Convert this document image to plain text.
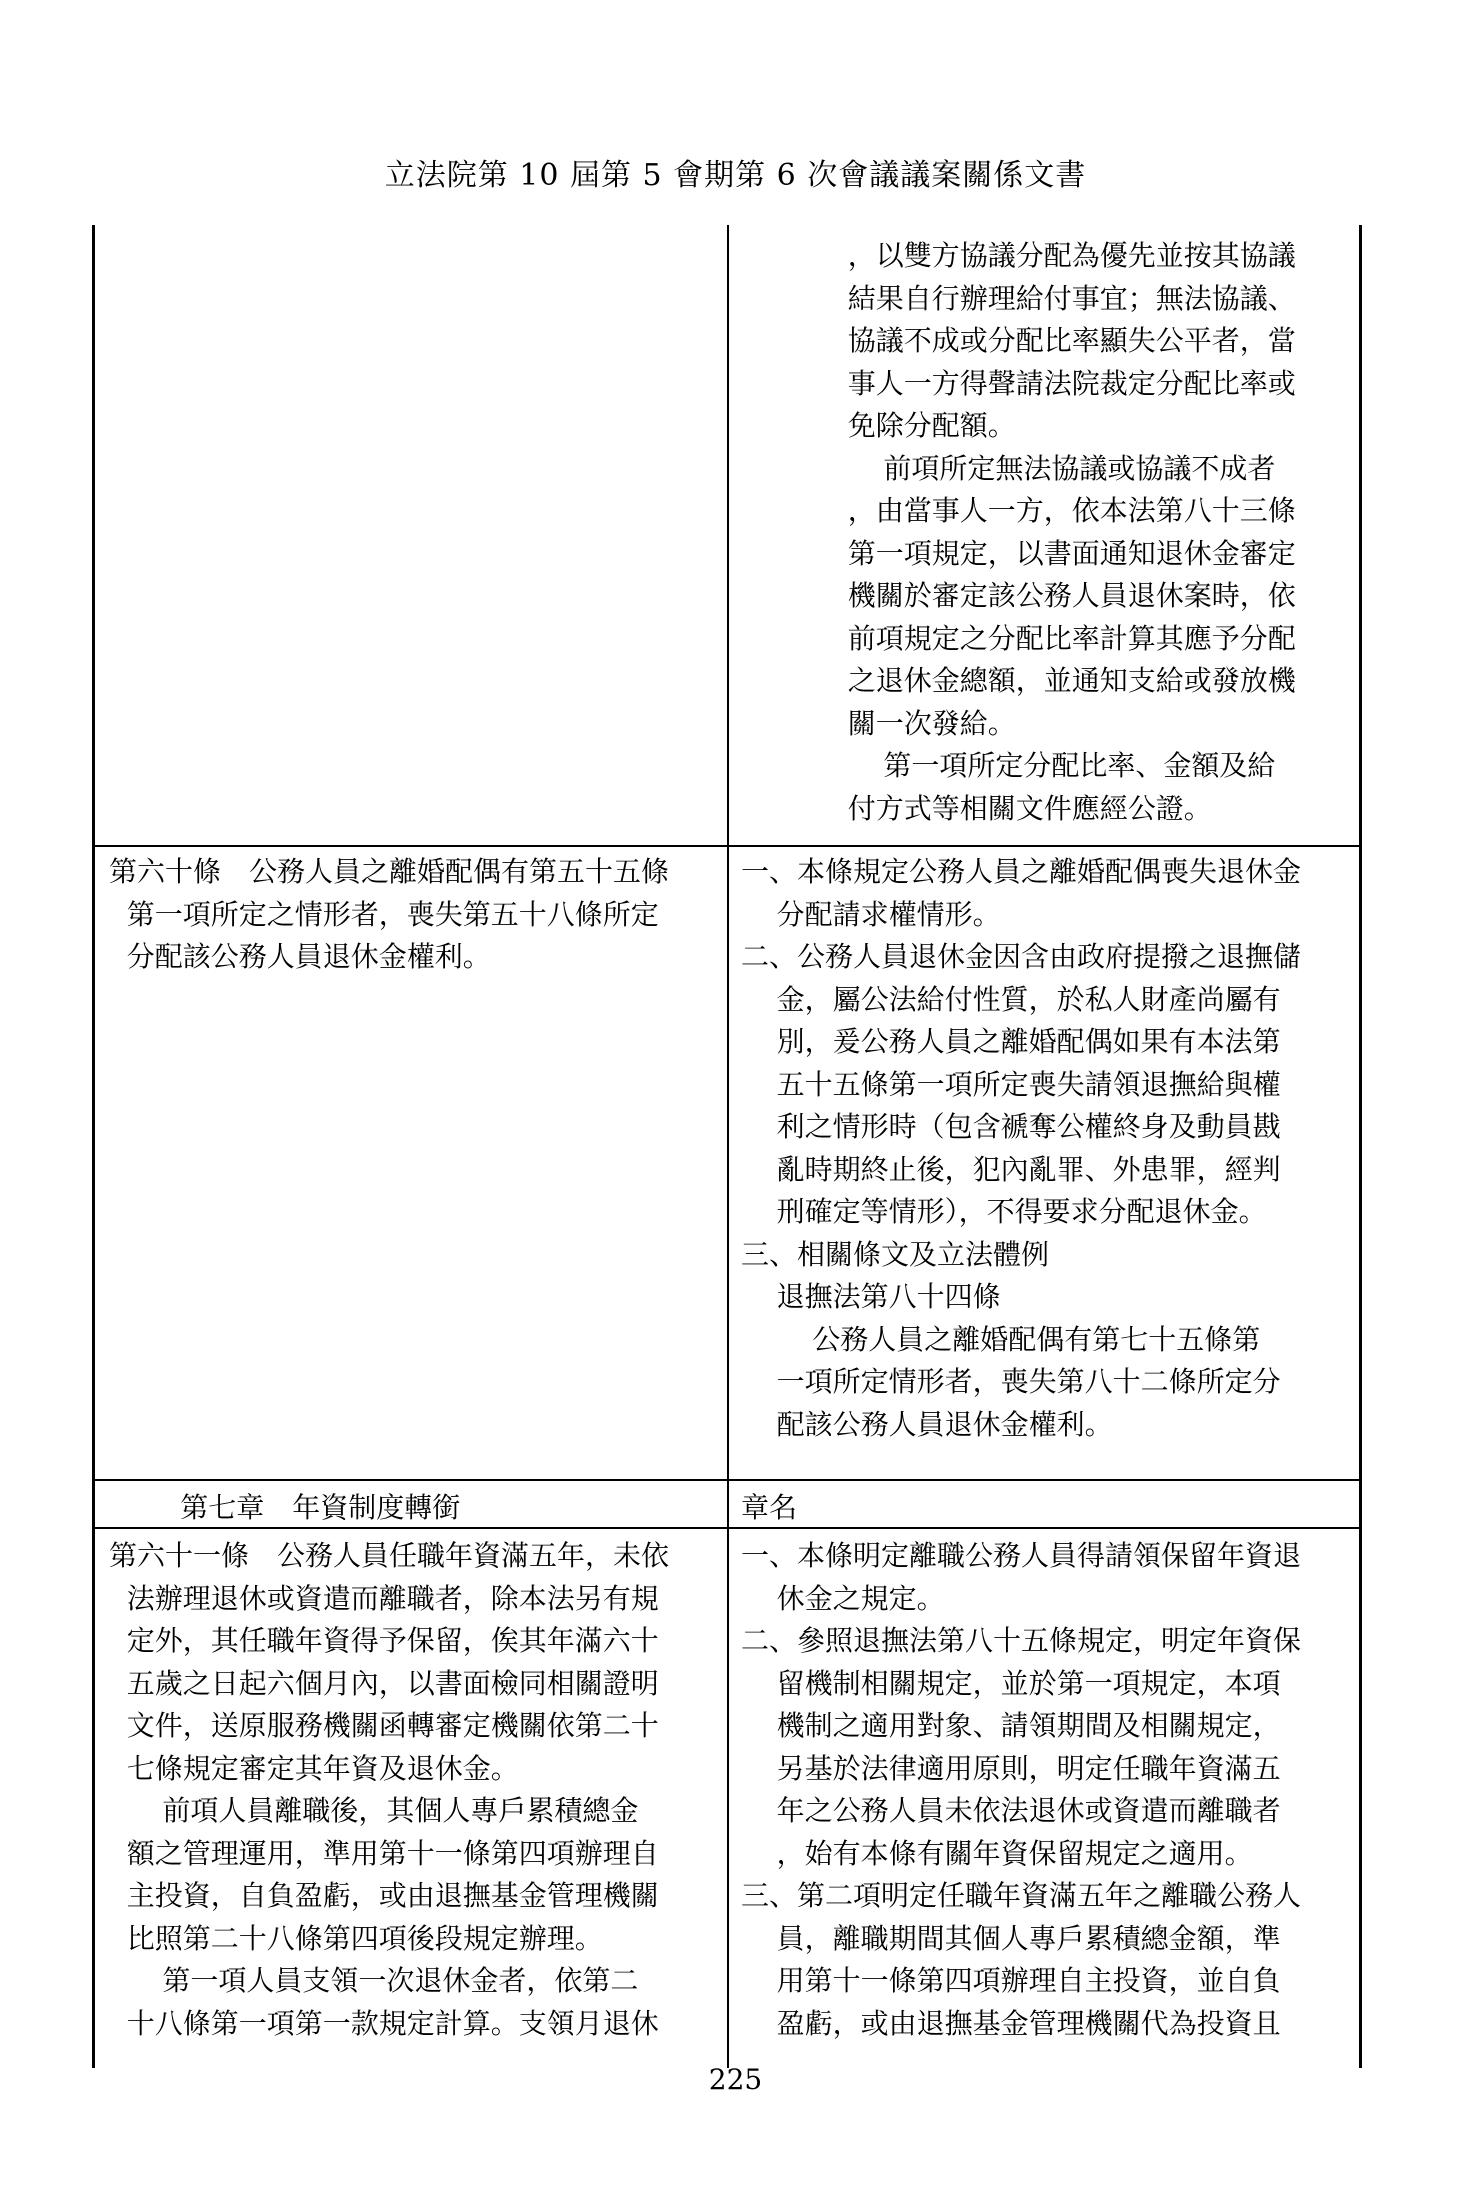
立法院第 10 屆第 5 會期第 6 次會議議案關係文書

，以雙方協議分配為優先並按其協議

結果自行辦理給付事宜；無法協議、

協議不成或分配比率顯失公平者，當

事人一方得聲請法院裁定分配比率或

免除分配額。

前項所定無法協議或協議不成者

，由當事人一方，依本法第八十三條

第一項規定，以書面通知退休金審定

機關於審定該公務人員退休案時，依

前項規定之分配比率計算其應予分配

之退休金總額，並通知支給或發放機

關一次發給。

第一項所定分配比率、金額及給

付方式等相關文件應經公證。

第六十條　公務人員之離婚配偶有第五十五條

第一項所定之情形者，喪失第五十八條所定

分配該公務人員退休金權利。

一、本條規定公務人員之離婚配偶喪失退休金

分配請求權情形。

二、公務人員退休金因含由政府提撥之退撫儲

金，屬公法給付性質，於私人財產尚屬有

別，爰公務人員之離婚配偶如果有本法第

五十五條第一項所定喪失請領退撫給與權

利之情形時（包含褫奪公權終身及動員戡

亂時期終止後，犯內亂罪、外患罪，經判

刑確定等情形），不得要求分配退休金。

三、相關條文及立法體例

退撫法第八十四條

公務人員之離婚配偶有第七十五條第

一項所定情形者，喪失第八十二條所定分

配該公務人員退休金權利。

第七章　年資制度轉銜	章名

第六十一條　公務人員任職年資滿五年，未依

法辦理退休或資遣而離職者，除本法另有規

定外，其任職年資得予保留，俟其年滿六十

五歲之日起六個月內，以書面檢同相關證明

文件，送原服務機關函轉審定機關依第二十

七條規定審定其年資及退休金。

前項人員離職後，其個人專戶累積總金

額之管理運用，準用第十一條第四項辦理自

主投資，自負盈虧，或由退撫基金管理機關

比照第二十八條第四項後段規定辦理。

第一項人員支領一次退休金者，依第二

十八條第一項第一款規定計算。支領月退休

一、本條明定離職公務人員得請領保留年資退

休金之規定。

二、參照退撫法第八十五條規定，明定年資保

留機制相關規定，並於第一項規定，本項

機制之適用對象、請領期間及相關規定，

另基於法律適用原則，明定任職年資滿五

年之公務人員未依法退休或資遣而離職者

，始有本條有關年資保留規定之適用。

三、第二項明定任職年資滿五年之離職公務人

員，離職期間其個人專戶累積總金額，準

用第十一條第四項辦理自主投資，並自負

盈虧，或由退撫基金管理機關代為投資且

225
